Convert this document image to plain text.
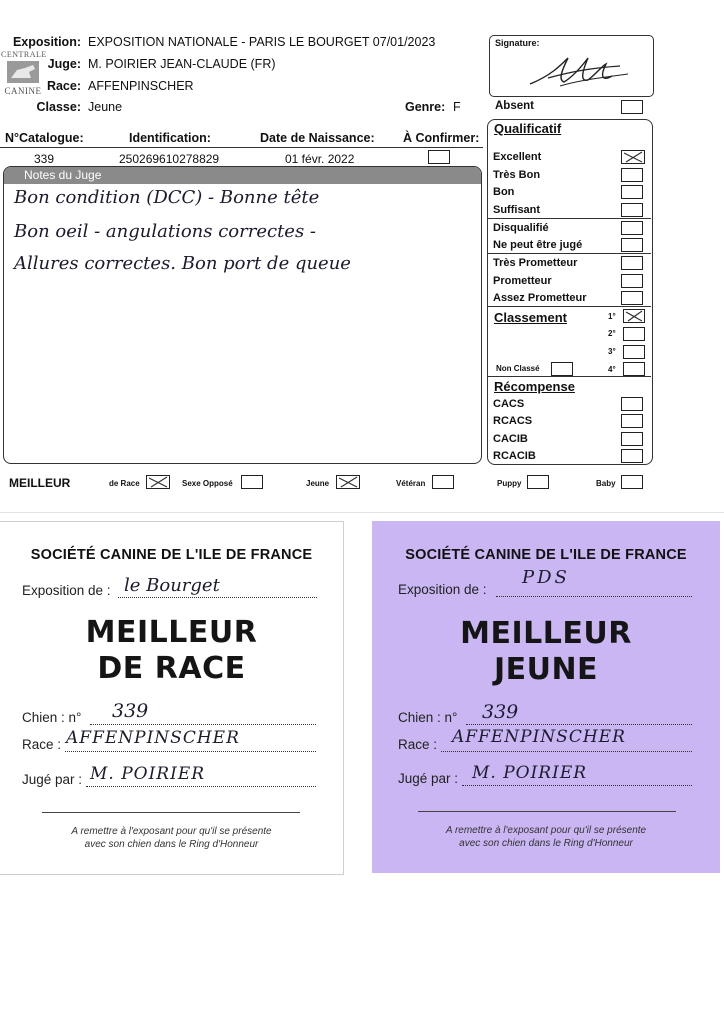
CENTRALE
CANINE
Exposition: EXPOSITION NATIONALE - PARIS LE BOURGET 07/01/2023
Juge: M. POIRIER JEAN-CLAUDE (FR)
Race: AFFENPINSCHER
Classe: Jeune	Genre: F
Signature:
Absent
N°Catalogue:	Identification:	Date de Naissance: À Confirmer:
339	250269610278829	01 févr. 2022
Notes du Juge
Bon condition (DCC) - Bonne tête
Bon oeil - angulations correctes -
Allures correctes. Bon port de queue
Qualificatif
Excellent
Très Bon
Bon
Suffisant
Disqualifié
Ne peut être jugé
Très Prometteur
Prometteur
Assez Prometteur
Classement	1°
2°
3°
Non Classé	4°
Récompense
CACS
RCACS
CACIB
RCACIB
MEILLEUR	de Race	Sexe Opposé	Jeune	Vétéran	Puppy	Baby
SOCIÉTÉ CANINE DE L'ILE DE FRANCE
Exposition de : le Bourget
MEILLEUR
DE RACE
Chien : n° 339
Race : AFFENPINSCHER
Jugé par : M. POIRIER
A remettre à l'exposant pour qu'il se présente
avec son chien dans le Ring d'Honneur
SOCIÉTÉ CANINE DE L'ILE DE FRANCE
Exposition de :
PDS
MEILLEUR
JEUNE
Chien : n° 339
Race : AFFENPINSCHER
Jugé par : M. POIRIER
A remettre à l'exposant pour qu'il se présente
avec son chien dans le Ring d'Honneur
